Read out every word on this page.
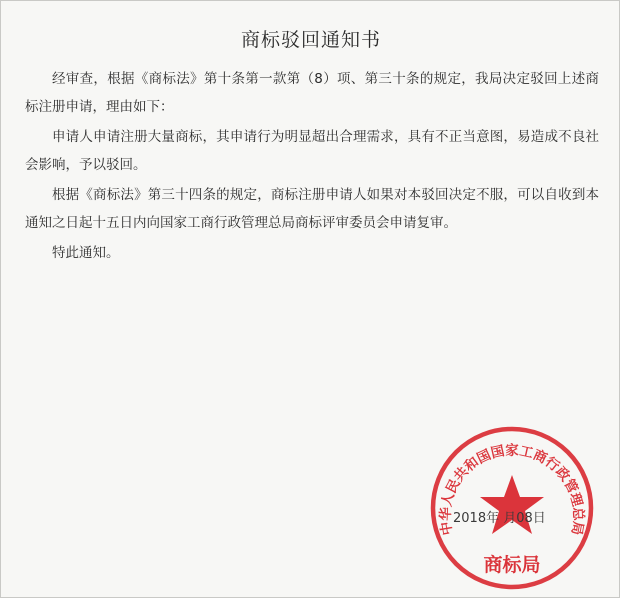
商标驳回通知书

经审查，根据《商标法》第十条第一款第（8）项、第三十条的规定，我局决定驳回上述商标注册申请，理由如下：

申请人申请注册大量商标，其申请行为明显超出合理需求，具有不正当意图，易造成不良社会影响，予以驳回。

根据《商标法》第三十四条的规定，商标注册申请人如果对本驳回决定不服，可以自收到本通知之日起十五日内向国家工商行政管理总局商标评审委员会申请复审。

特此通知。

中华人民共和国国家工商行政管理总局
商标局
2018年 月08日
